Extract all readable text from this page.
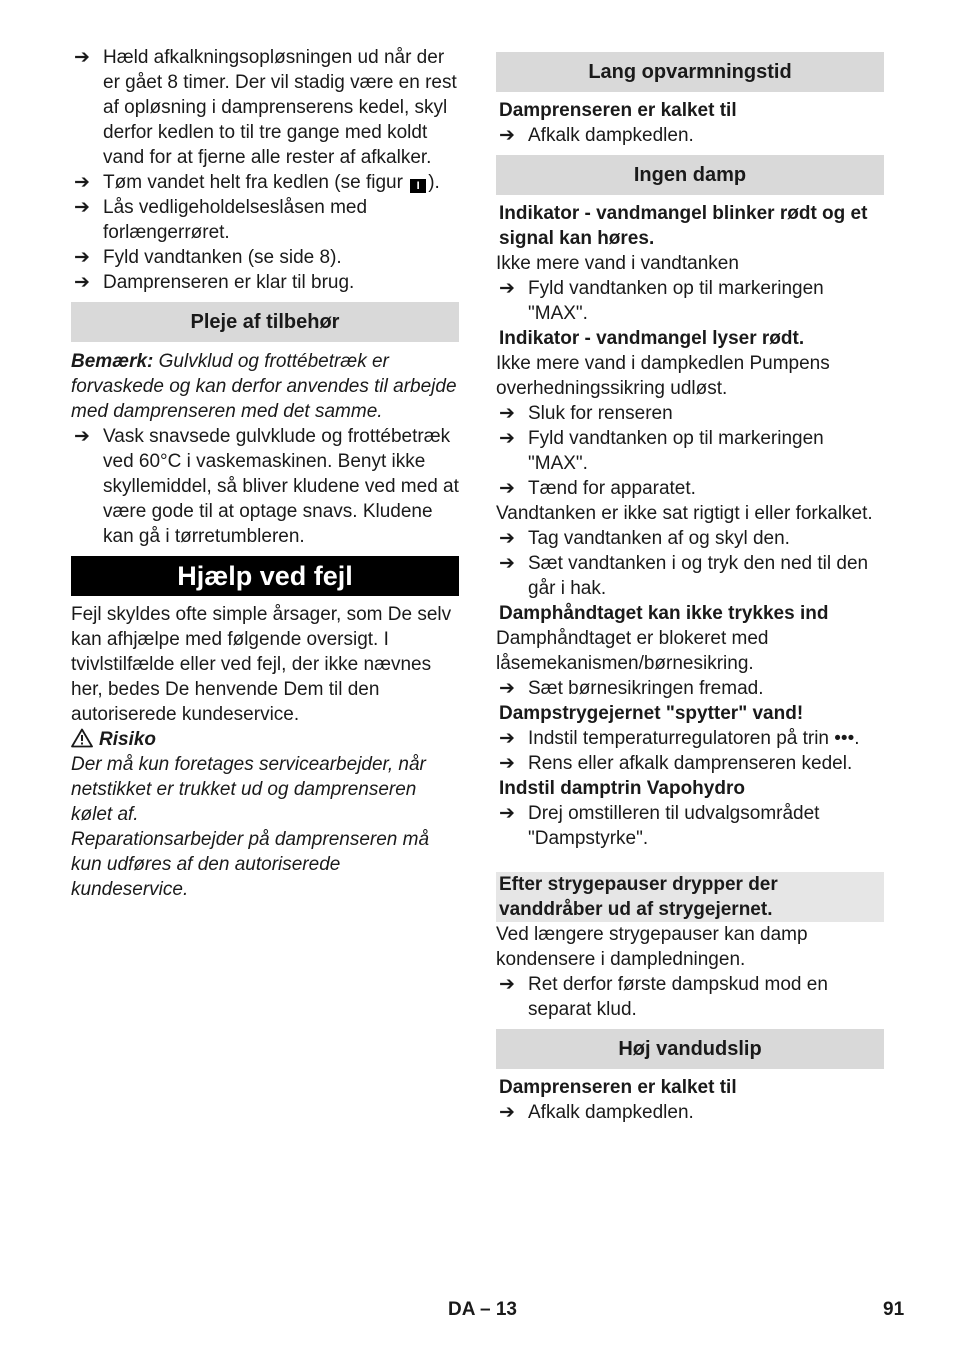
➔ Hæld afkalkningsopløsningen ud når der er gået 8 timer. Der vil stadig være en rest af opløsning i damprenserens kedel, skyl derfor kedlen to til tre gange med koldt vand for at fjerne alle rester af afkalker.
➔ Tøm vandet helt fra kedlen (se figur I ).
➔ Lås vedligeholdelseslåsen med forlængerrøret.
➔ Fyld vandtanken (se side 8).
➔ Damprenseren er klar til brug.
Pleje af tilbehør

Bemærk: Gulvklud og frottébetræk er forvaskede og kan derfor anvendes til arbejde med damprenseren med det samme.

➔ Vask snavsede gulvklude og frottébetræk ved 60°C i vaskemaskinen. Benyt ikke skyllemiddel, så bliver kludene ved med at være gode til at optage snavs. Kludene kan gå i tørretumbleren.
Hjælp ved fejl

Fejl skyldes ofte simple årsager, som De selv kan afhjælpe med følgende oversigt. I tvivlstilfælde eller ved fejl, der ikke nævnes her, bedes De henvende Dem til den autoriserede kundeservice.

Risiko

Der må kun foretages servicearbejder, når netstikket er trukket ud og damprenseren kølet af.

Reparationsarbejder på damprenseren må kun udføres af den autoriserede kundeservice.

Lang opvarmningstid

Damprenseren er kalket til

➔ Afkalk dampkedlen.
Ingen damp

Indikator - vandmangel blinker rødt og et signal kan høres.

Ikke mere vand i vandtanken

➔ Fyld vandtanken op til markeringen "MAX".

Indikator - vandmangel lyser rødt.

Ikke mere vand i dampkedlen Pumpens overhedningssikring udløst.

➔ Sluk for renseren
➔ Fyld vandtanken op til markeringen "MAX".
➔ Tænd for apparatet.

Vandtanken er ikke sat rigtigt i eller forkalket.

➔ Tag vandtanken af og skyl den.
➔ Sæt vandtanken i og tryk den ned til den går i hak.

Damphåndtaget kan ikke trykkes ind

Damphåndtaget er blokeret med låsemekanismen/børnesikring.

➔ Sæt børnesikringen fremad.

Dampstrygejernet "spytter" vand!

➔ Indstil temperaturregulatoren på trin •••.
➔ Rens eller afkalk damprenseren kedel.

Indstil damptrin Vapohydro

➔ Drej omstilleren til udvalgsområdet "Dampstyrke".
Efter strygepauser drypper der vanddråber ud af strygejernet.

Ved længere strygepauser kan damp kondensere i dampledningen.

➔ Ret derfor første dampskud mod en separat klud.
Høj vandudslip

Damprenseren er kalket til

➔ Afkalk dampkedlen.
DA – 13	91
